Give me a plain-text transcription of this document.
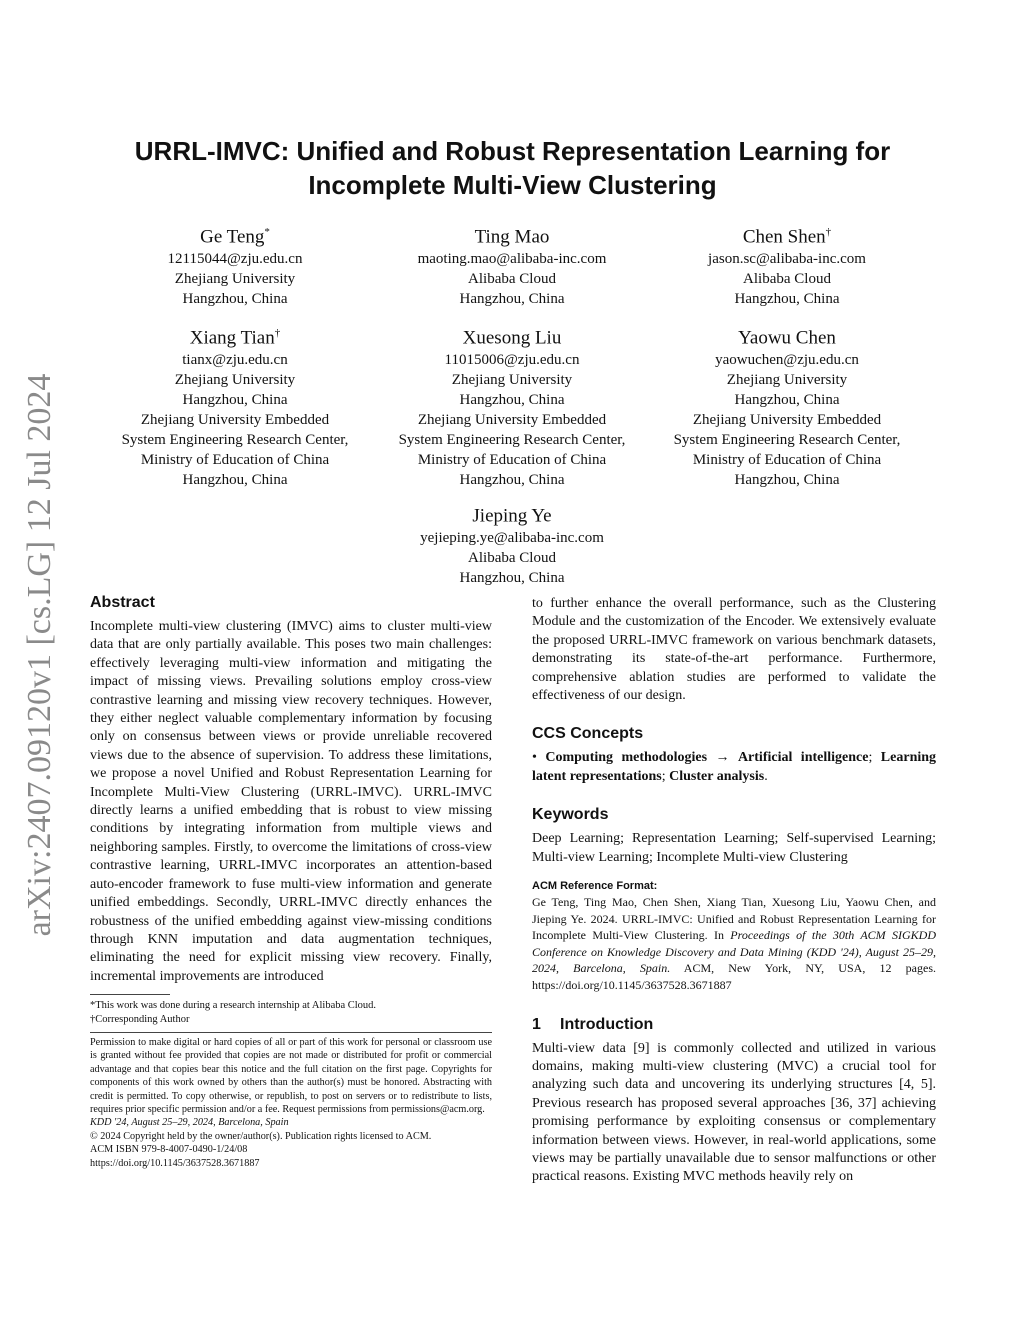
arXiv:2407.09120v1 [cs.LG] 12 Jul 2024
URRL-IMVC: Unified and Robust Representation Learning for
Incomplete Multi-View Clustering
Ge Teng*
12115044@zju.edu.cn
Zhejiang University
Hangzhou, China
Ting Mao
maoting.mao@alibaba-inc.com
Alibaba Cloud
Hangzhou, China
Chen Shen†
jason.sc@alibaba-inc.com
Alibaba Cloud
Hangzhou, China
Xiang Tian†
tianx@zju.edu.cn
Zhejiang University
Hangzhou, China
Zhejiang University Embedded
System Engineering Research Center,
Ministry of Education of China
Hangzhou, China
Xuesong Liu
11015006@zju.edu.cn
Zhejiang University
Hangzhou, China
Zhejiang University Embedded
System Engineering Research Center,
Ministry of Education of China
Hangzhou, China
Yaowu Chen
yaowuchen@zju.edu.cn
Zhejiang University
Hangzhou, China
Zhejiang University Embedded
System Engineering Research Center,
Ministry of Education of China
Hangzhou, China
Jieping Ye
yejieping.ye@alibaba-inc.com
Alibaba Cloud
Hangzhou, China
Abstract

Incomplete multi-view clustering (IMVC) aims to cluster multi-view data that are only partially available. This poses two main challenges: effectively leveraging multi-view information and mitigating the impact of missing views. Prevailing solutions employ cross-view contrastive learning and missing view recovery techniques. However, they either neglect valuable complementary information by focusing only on consensus between views or provide unreliable recovered views due to the absence of supervision. To address these limitations, we propose a novel Unified and Robust Representation Learning for Incomplete Multi-View Clustering (URRL-IMVC). URRL-IMVC directly learns a unified embedding that is robust to view missing conditions by integrating information from multiple views and neighboring samples. Firstly, to overcome the limitations of cross-view contrastive learning, URRL-IMVC incorporates an attention-based auto-encoder framework to fuse multi-view information and generate unified embeddings. Secondly, URRL-IMVC directly enhances the robustness of the unified embedding against view-missing conditions through KNN imputation and data augmentation techniques, eliminating the need for explicit missing view recovery. Finally, incremental improvements are introduced

*This work was done during a research internship at Alibaba Cloud.
†Corresponding Author

Permission to make digital or hard copies of all or part of this work for personal or classroom use is granted without fee provided that copies are not made or distributed for profit or commercial advantage and that copies bear this notice and the full citation on the first page. Copyrights for components of this work owned by others than the author(s) must be honored. Abstracting with credit is permitted. To copy otherwise, or republish, to post on servers or to redistribute to lists, requires prior specific permission and/or a fee. Request permissions from permissions@acm.org.

KDD '24, August 25–29, 2024, Barcelona, Spain
© 2024 Copyright held by the owner/author(s). Publication rights licensed to ACM.
ACM ISBN 979-8-4007-0490-1/24/08
https://doi.org/10.1145/3637528.3671887

to further enhance the overall performance, such as the Clustering Module and the customization of the Encoder. We extensively evaluate the proposed URRL-IMVC framework on various benchmark datasets, demonstrating its state-of-the-art performance. Furthermore, comprehensive ablation studies are performed to validate the effectiveness of our design.

CCS Concepts

• Computing methodologies → Artificial intelligence; Learning latent representations; Cluster analysis.

Keywords

Deep Learning; Representation Learning; Self-supervised Learning; Multi-view Learning; Incomplete Multi-view Clustering

ACM Reference Format:

Ge Teng, Ting Mao, Chen Shen, Xiang Tian, Xuesong Liu, Yaowu Chen, and Jieping Ye. 2024. URRL-IMVC: Unified and Robust Representation Learning for Incomplete Multi-View Clustering. In Proceedings of the 30th ACM SIGKDD Conference on Knowledge Discovery and Data Mining (KDD '24), August 25–29, 2024, Barcelona, Spain. ACM, New York, NY, USA, 12 pages. https://doi.org/10.1145/3637528.3671887

1 Introduction

Multi-view data [9] is commonly collected and utilized in various domains, making multi-view clustering (MVC) a crucial tool for analyzing such data and uncovering its underlying structures [4, 5]. Previous research has proposed several approaches [36, 37] achieving promising performance by exploiting consensus or complementary information between views. However, in real-world applications, some views may be partially unavailable due to sensor malfunctions or other practical reasons. Existing MVC methods heavily rely on
